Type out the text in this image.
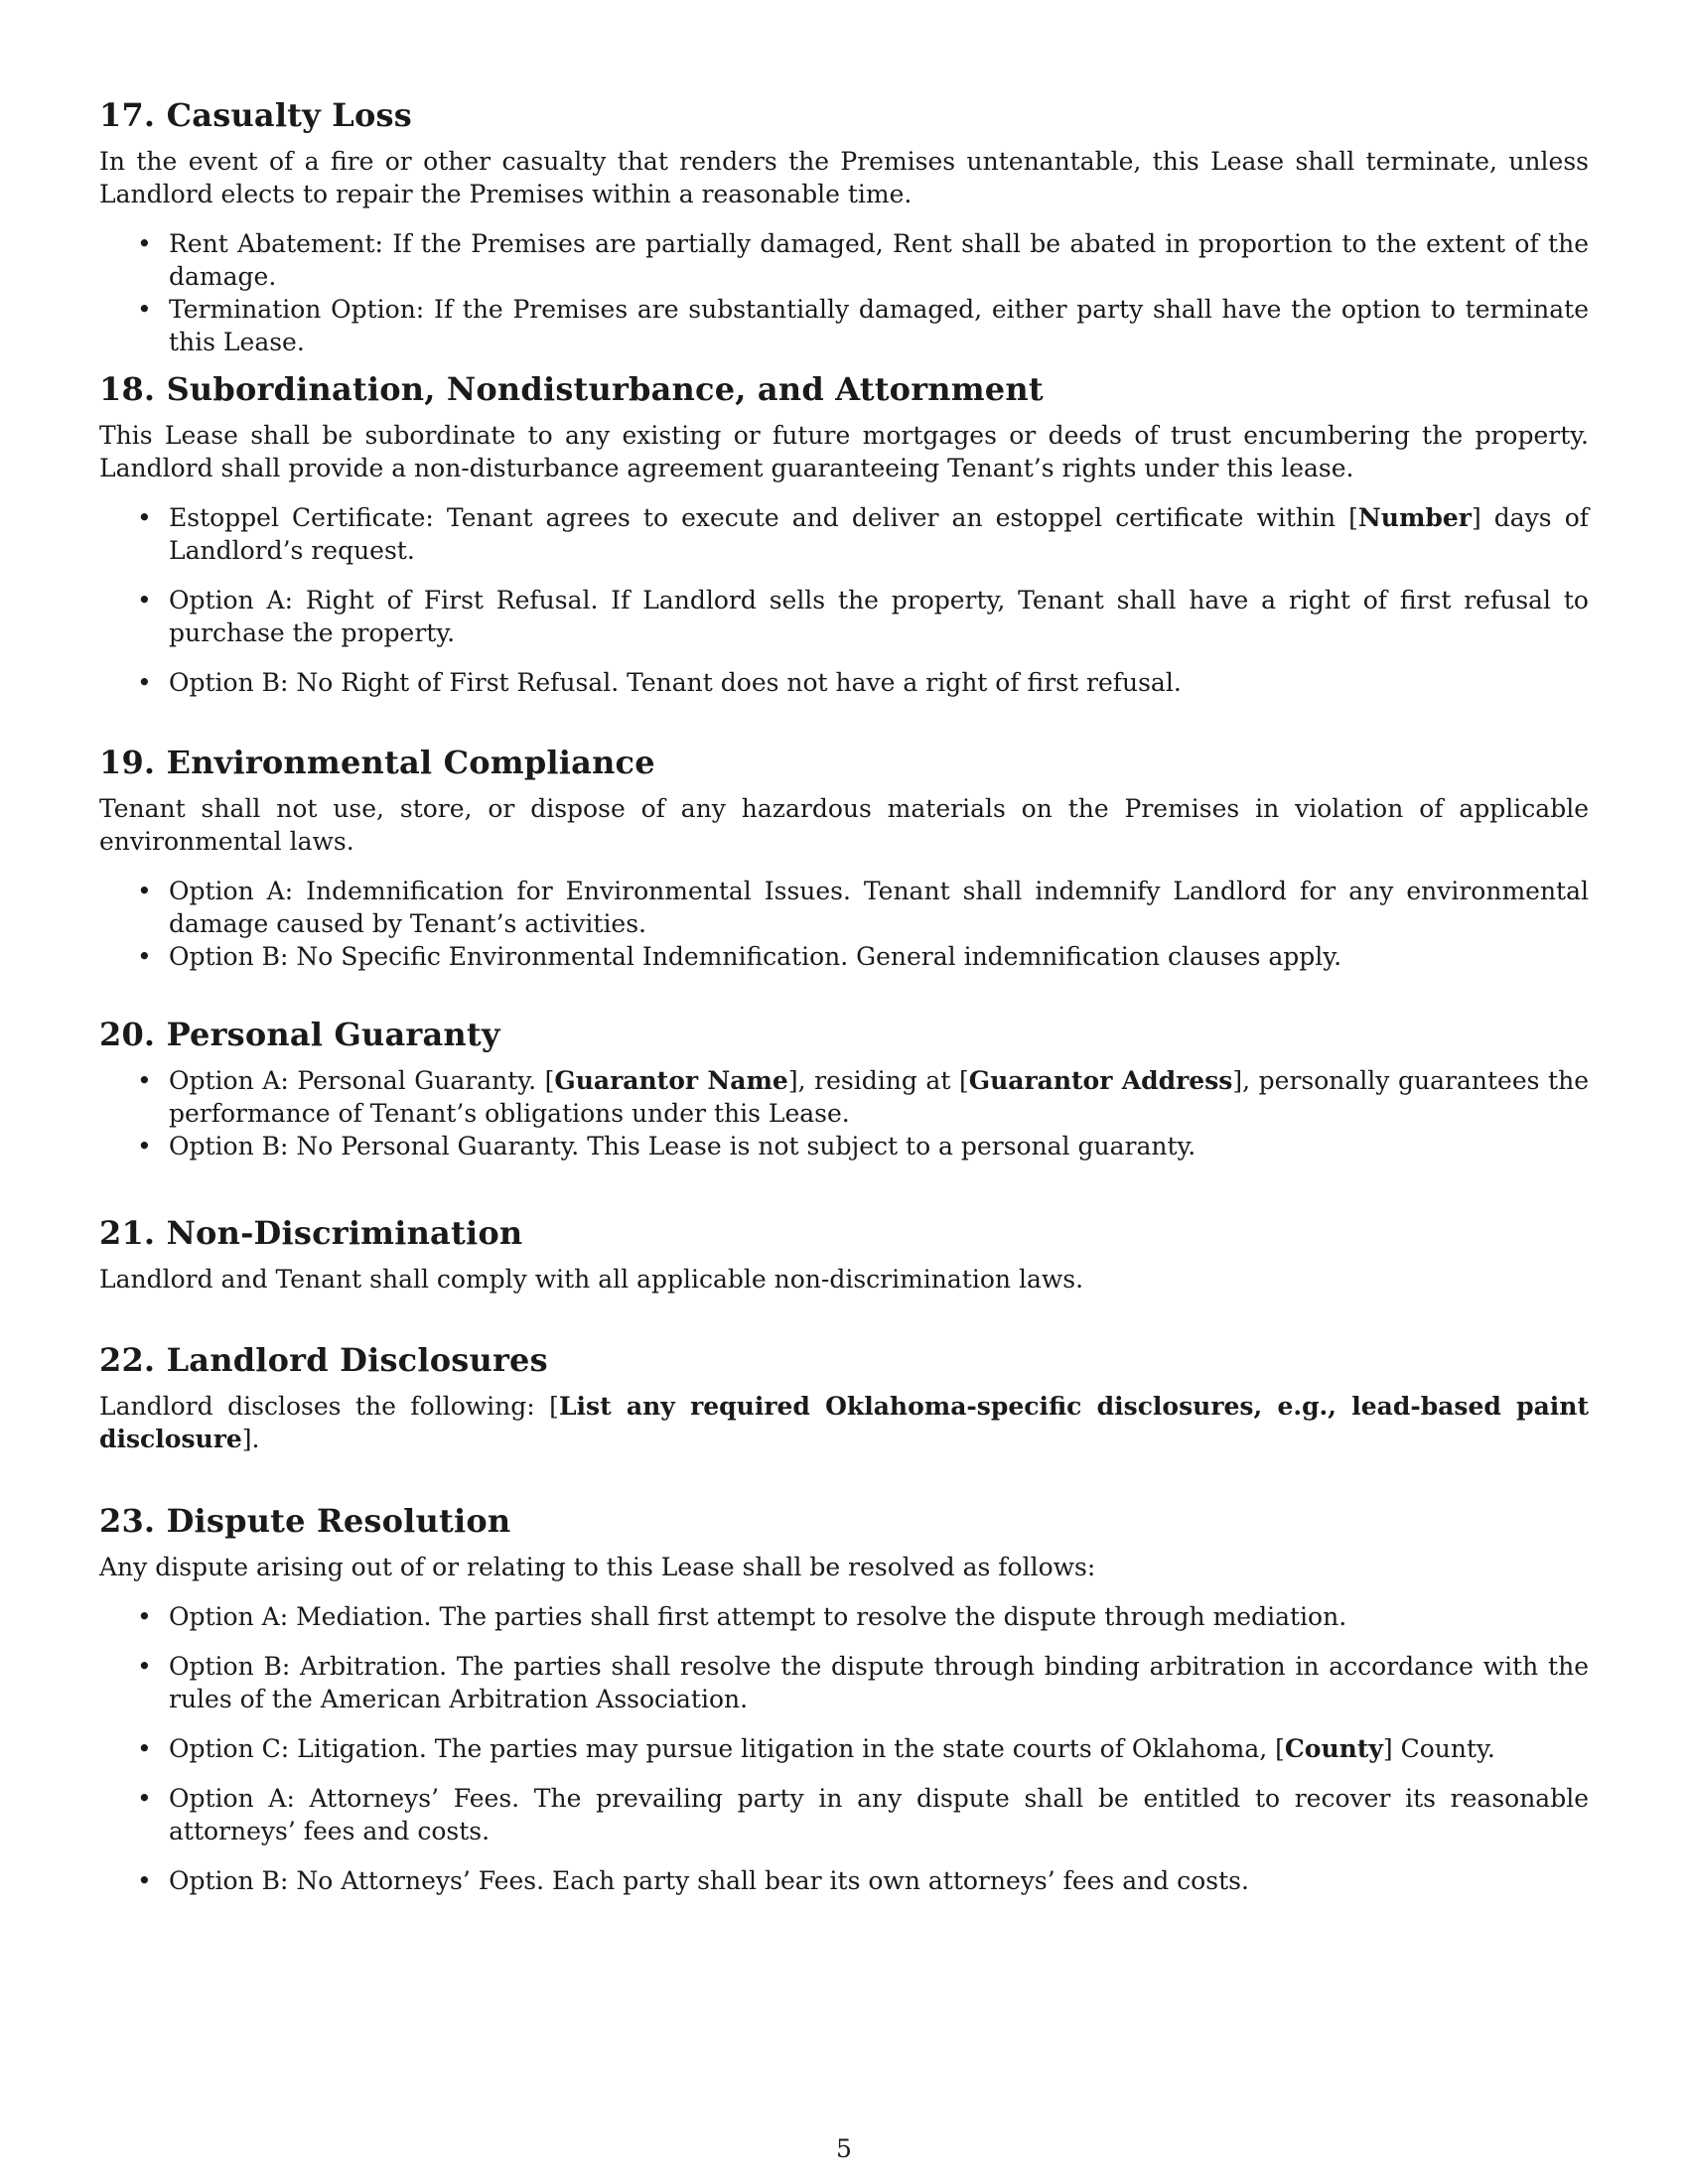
17. Casualty Loss

In the event of a fire or other casualty that renders the Premises untenantable, this Lease shall terminate, unless Landlord elects to repair the Premises within a reasonable time.

• Rent Abatement: If the Premises are partially damaged, Rent shall be abated in proportion to the extent of the damage.
• Termination Option: If the Premises are substantially damaged, either party shall have the option to terminate this Lease.
18. Subordination, Nondisturbance, and Attornment

This Lease shall be subordinate to any existing or future mortgages or deeds of trust encumbering the property. Landlord shall provide a non-disturbance agreement guaranteeing Tenant’s rights under this lease.

• Estoppel Certificate: Tenant agrees to execute and deliver an estoppel certificate within [Number] days of Landlord’s request.
• Option A: Right of First Refusal. If Landlord sells the property, Tenant shall have a right of first refusal to purchase the property.
• Option B: No Right of First Refusal. Tenant does not have a right of first refusal.
19. Environmental Compliance

Tenant shall not use, store, or dispose of any hazardous materials on the Premises in violation of applicable environmental laws.

• Option A: Indemnification for Environmental Issues. Tenant shall indemnify Landlord for any environmental damage caused by Tenant’s activities.
• Option B: No Specific Environmental Indemnification. General indemnification clauses apply.
20. Personal Guaranty
• Option A: Personal Guaranty. [Guarantor Name], residing at [Guarantor Address], personally guarantees the performance of Tenant’s obligations under this Lease.
• Option B: No Personal Guaranty. This Lease is not subject to a personal guaranty.
21. Non-Discrimination

Landlord and Tenant shall comply with all applicable non-discrimination laws.

22. Landlord Disclosures

Landlord discloses the following: [List any required Oklahoma-specific disclosures, e.g., lead-based paint disclosure].

23. Dispute Resolution

Any dispute arising out of or relating to this Lease shall be resolved as follows:

• Option A: Mediation. The parties shall first attempt to resolve the dispute through mediation.
• Option B: Arbitration. The parties shall resolve the dispute through binding arbitration in accordance with the rules of the American Arbitration Association.
• Option C: Litigation. The parties may pursue litigation in the state courts of Oklahoma, [County] County.
• Option A: Attorneys’ Fees. The prevailing party in any dispute shall be entitled to recover its reasonable attorneys’ fees and costs.
• Option B: No Attorneys’ Fees. Each party shall bear its own attorneys’ fees and costs.
5
